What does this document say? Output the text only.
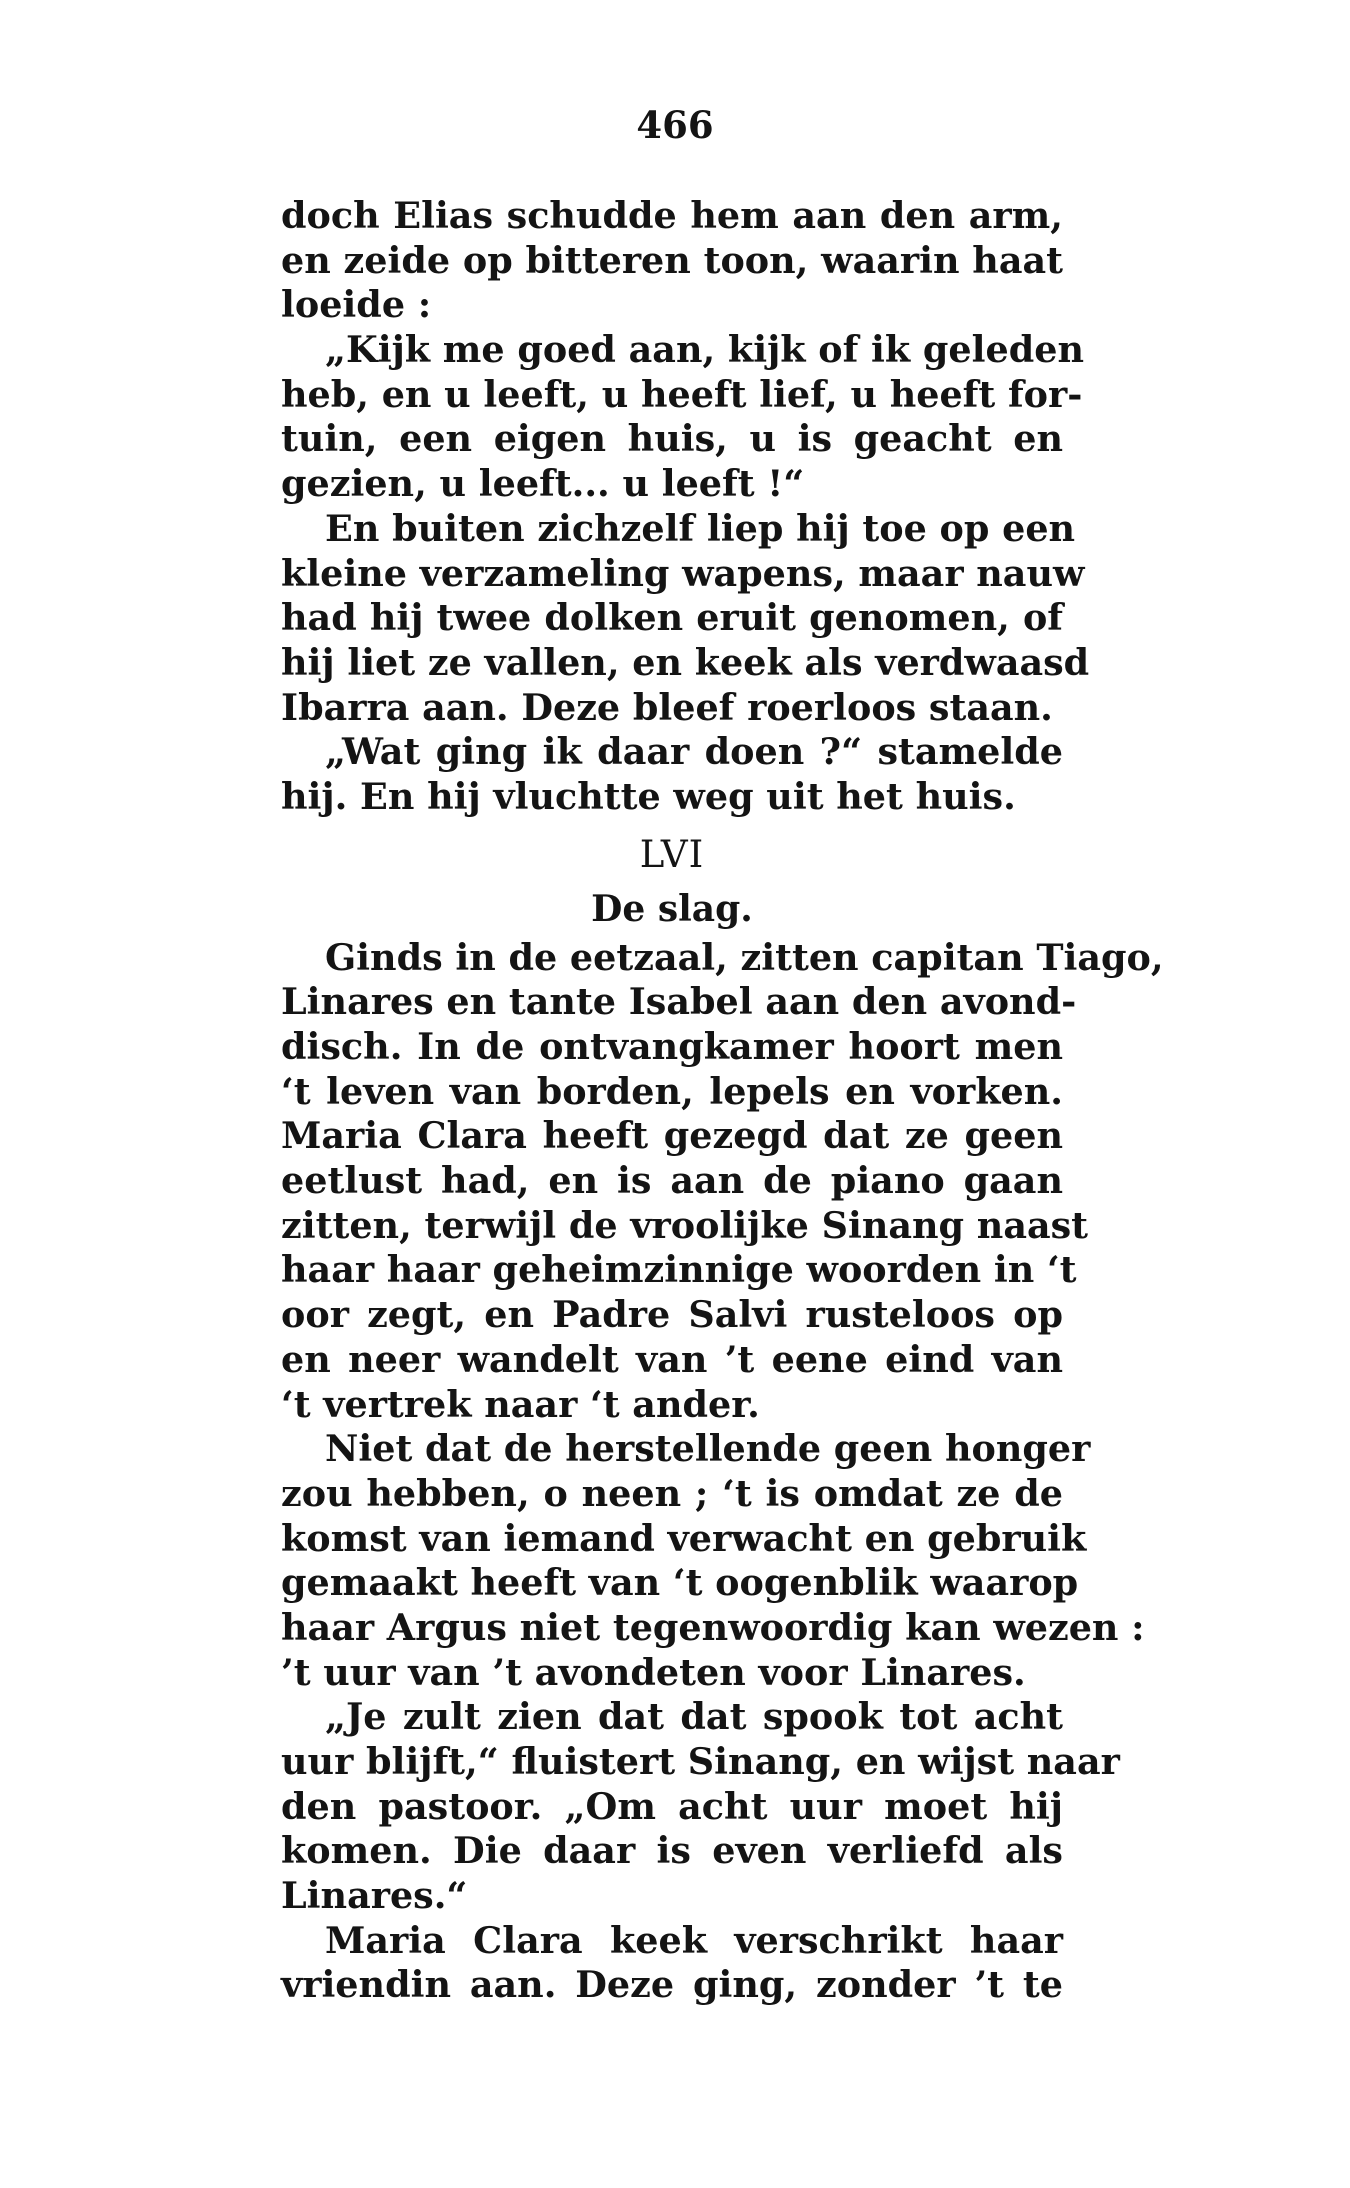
466
doch Elias schudde hem aan den arm,
en zeide op bitteren toon, waarin haat
loeide :
„Kijk me goed aan, kijk of ik geleden
heb, en u leeft, u heeft lief, u heeft for-
tuin, een eigen huis, u is geacht en
gezien, u leeft... u leeft !“
En buiten zichzelf liep hij toe op een
kleine verzameling wapens, maar nauw
had hij twee dolken eruit genomen, of
hij liet ze vallen, en keek als verdwaasd
Ibarra aan. Deze bleef roerloos staan.
„Wat ging ik daar doen ?“ stamelde
hij. En hij vluchtte weg uit het huis.
LVI
De slag.
Ginds in de eetzaal, zitten capitan Tiago,
Linares en tante Isabel aan den avond-
disch. In de ontvangkamer hoort men
‘t leven van borden, lepels en vorken.
Maria Clara heeft gezegd dat ze geen
eetlust had, en is aan de piano gaan
zitten, terwijl de vroolijke Sinang naast
haar haar geheimzinnige woorden in ‘t
oor zegt, en Padre Salvi rusteloos op
en neer wandelt van ’t eene eind van
‘t vertrek naar ‘t ander.
Niet dat de herstellende geen honger
zou hebben, o neen ; ‘t is omdat ze de
komst van iemand verwacht en gebruik
gemaakt heeft van ‘t oogenblik waarop
haar Argus niet tegenwoordig kan wezen :
’t uur van ’t avondeten voor Linares.
„Je zult zien dat dat spook tot acht
uur blijft,“ fluistert Sinang, en wijst naar
den pastoor. „Om acht uur moet hij
komen. Die daar is even verliefd als
Linares.“
Maria Clara keek verschrikt haar
vriendin aan. Deze ging, zonder ’t te
